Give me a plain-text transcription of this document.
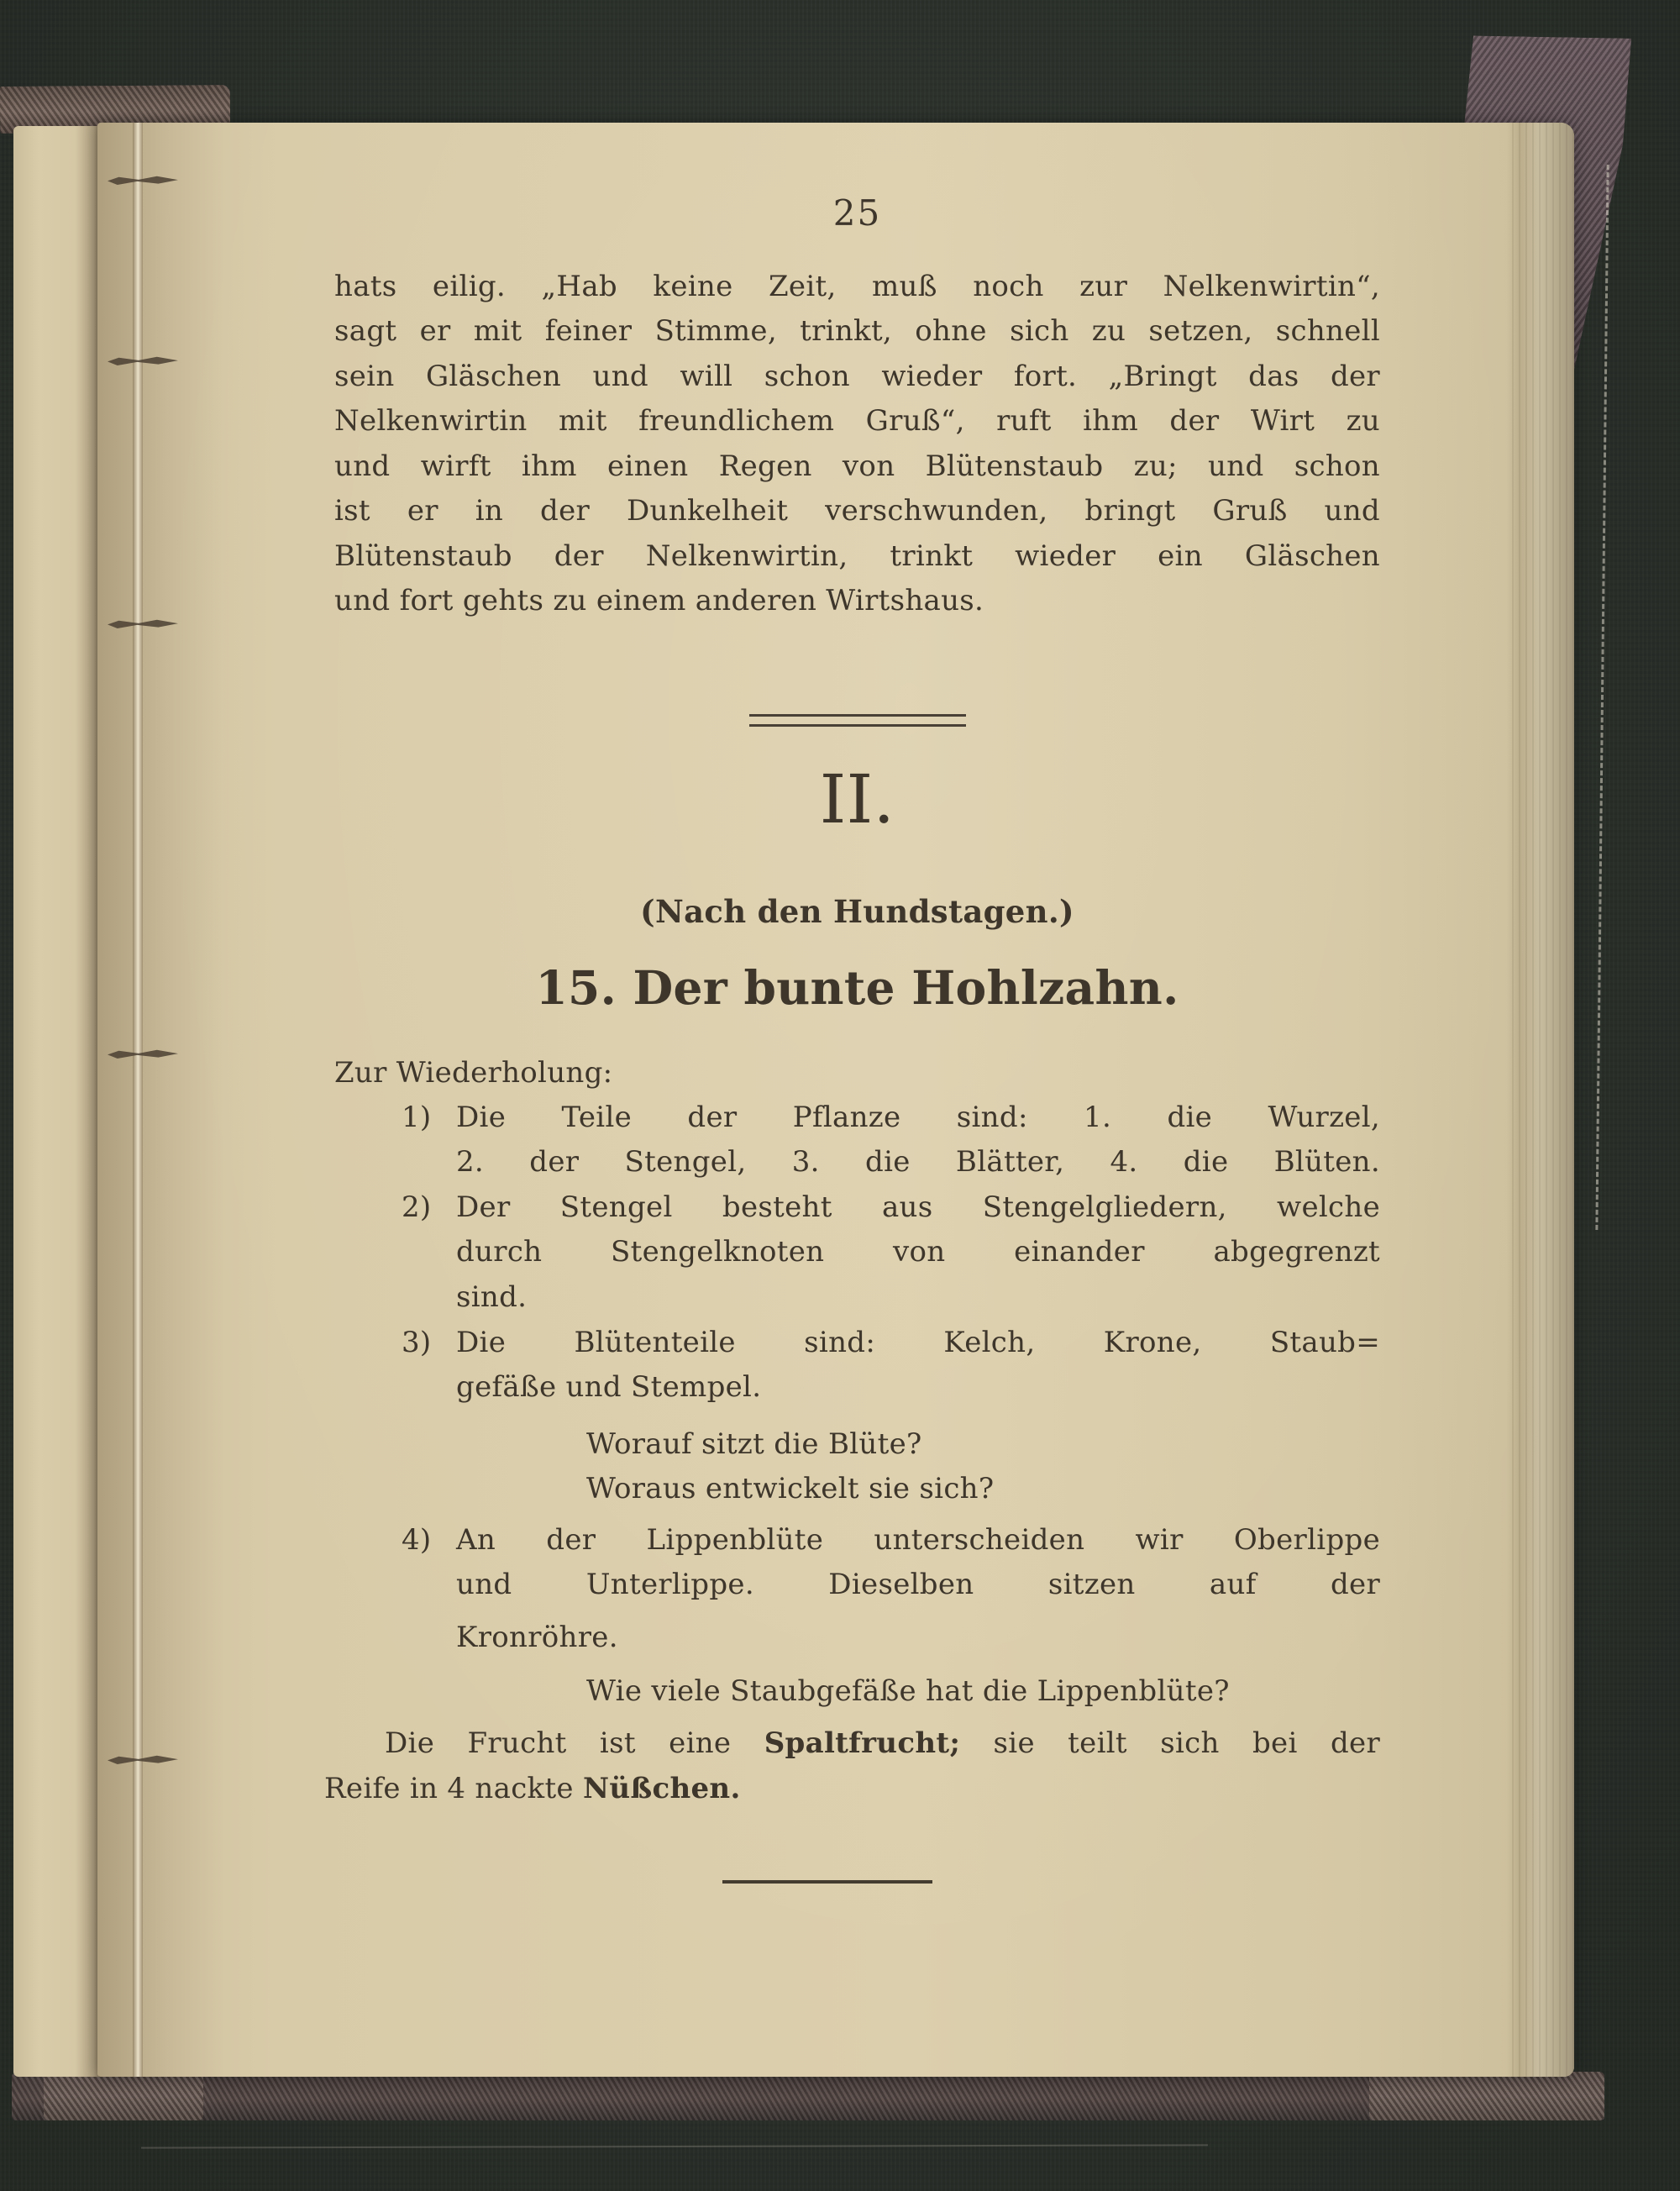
25
hats eilig. „Hab keine Zeit, muß noch zur Nelkenwirtin“,
sagt er mit feiner Stimme, trinkt, ohne sich zu setzen, schnell
sein Gläschen und will schon wieder fort. „Bringt das der
Nelkenwirtin mit freundlichem Gruß“, ruft ihm der Wirt zu
und wirft ihm einen Regen von Blütenstaub zu; und schon
ist er in der Dunkelheit verschwunden, bringt Gruß und
Blütenstaub der Nelkenwirtin, trinkt wieder ein Gläschen
und fort gehts zu einem anderen Wirtshaus.
II.
(Nach den Hundstagen.)
15. Der bunte Hohlzahn.
Zur Wiederholung:
1) Die Teile der Pflanze sind: 1. die Wurzel,
2. der Stengel, 3. die Blätter, 4. die Blüten.
2) Der Stengel besteht aus Stengelgliedern, welche
durch Stengelknoten von einander abgegrenzt
sind.
3) Die Blütenteile sind: Kelch, Krone, Staub=
gefäße und Stempel.
Worauf sitzt die Blüte?
Woraus entwickelt sie sich?
4) An der Lippenblüte unterscheiden wir Oberlippe
und Unterlippe. Dieselben sitzen auf der
Kronröhre.
Wie viele Staubgefäße hat die Lippenblüte?
Die Frucht ist eine Spaltfrucht; sie teilt sich bei der
Reife in 4 nackte Nüßchen.
